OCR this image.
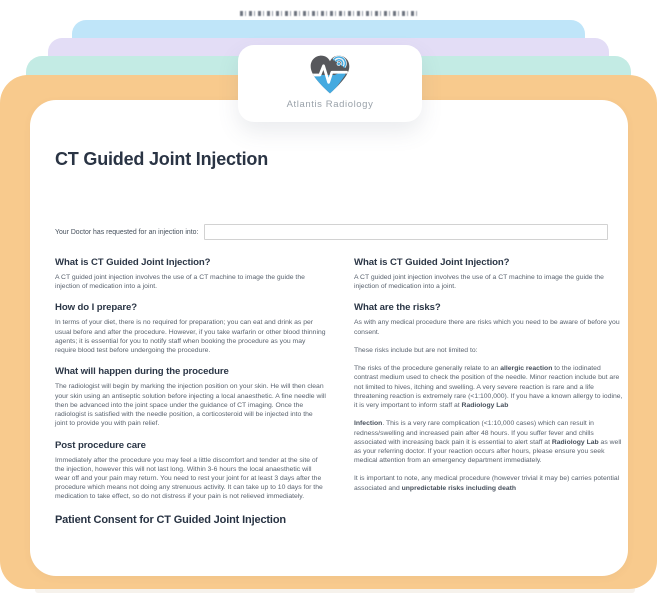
Atlantis Radiology
CT Guided Joint Injection
Your Doctor has requested for an injection into:
What is CT Guided Joint Injection?

A CT guided joint injection involves the use of a CT machine to image the guide the injection of medication into a joint.

How do I prepare?

In terms of your diet, there is no required for preparation; you can eat and drink as per usual before and after the procedure. However, if you take warfarin or other blood thinning agents; it is essential for you to notify staff when booking the procedure as you may require blood test before undergoing the procedure.

What will happen during the procedure

The radiologist will begin by marking the injection position on your skin. He will then clean your skin using an antiseptic solution before injecting a local anaesthetic. A fine needle will then be advanced into the joint space under the guidance of CT imaging. Once the radiologist is satisfied with the needle position, a corticosteroid will be injected into the joint to provide you with pain relief.

Post procedure care

Immediately after the procedure you may feel a little discomfort and tender at the site of the injection, however this will not last long. Within 3-6 hours the local anaesthetic will wear off and your pain may return. You need to rest your joint for at least 3 days after the procedure which means not doing any strenuous activity. It can take up to 10 days for the medication to take effect, so do not distress if your pain is not relieved immediately.

Patient Consent for CT Guided Joint Injection
What is CT Guided Joint Injection?

A CT guided joint injection involves the use of a CT machine to image the guide the injection of medication into a joint.

What are the risks?

As with any medical procedure there are risks which you need to be aware of before you consent.

These risks include but are not limited to:

The risks of the procedure generally relate to an allergic reaction to the iodinated contrast medium used to check the position of the needle. Minor reaction include but are not limited to hives, itching and swelling. A very severe reaction is rare and a life threatening reaction is extremely rare (<1:100,000). If you have a known allergy to iodine, it is very important to inform staff at Radiology Lab

Infection. This is a very rare complication (<1:10,000 cases) which can result in redness/swelling and increased pain after 48 hours. If you suffer fever and chills associated with increasing back pain it is essential to alert staff at Radiology Lab as well as your referring doctor. If your reaction occurs after hours, please ensure you seek medical attention from an emergency department immediately.

It is important to note, any medical procedure (however trivial it may be) carries potential associated and unpredictable risks including death
